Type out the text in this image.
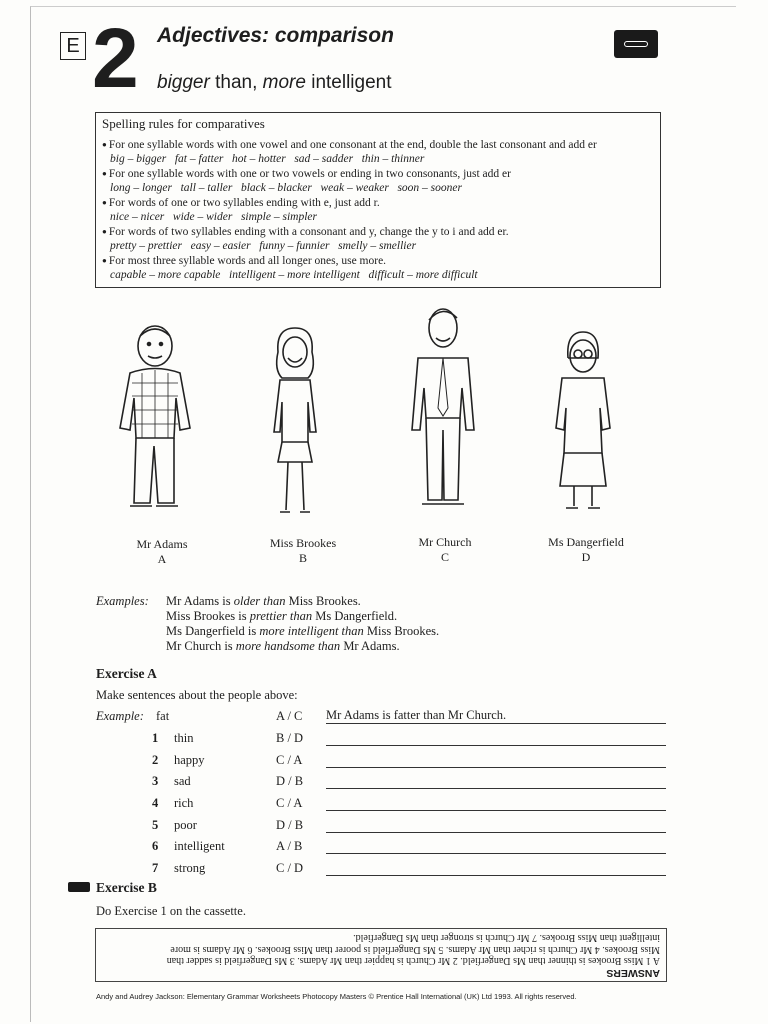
E 2 Adjectives: comparison
bigger than, more intelligent
Spelling rules for comparatives
● For one syllable words with one vowel and one consonant at the end, double the last consonant and add er
big – bigger   fat – fatter   hot – hotter   sad – sadder   thin – thinner
● For one syllable words with one or two vowels or ending in two consonants, just add er
long – longer   tall – taller   black – blacker   weak – weaker   soon – sooner
● For words of one or two syllables ending with e, just add r.
nice – nicer   wide – wider   simple – simpler
● For words of two syllables ending with a consonant and y, change the y to i and add er.
pretty – prettier   easy – easier   funny – funnier   smelly – smellier
● For most three syllable words and all longer ones, use more.
capable – more capable   intelligent – more intelligent   difficult – more difficult
Mr Adams
A
Miss Brookes
B
Mr Church
C
Ms Dangerfield
D
Examples: Mr Adams is older than Miss Brookes.
Miss Brookes is prettier than Ms Dangerfield.
Ms Dangerfield is more intelligent than Miss Brookes.
Mr Church is more handsome than Mr Adams.
Exercise A
Make sentences about the people above:
Example: fat	A / C Mr Adams is fatter than Mr Church.
1 thin	B / D
2 happy	C / A
3 sad	D / B
4 rich	C / A
5 poor	D / B
6 intelligent	A / B
7 strong	C / D
Exercise B
Do Exercise 1 on the cassette.
ANSWERS
A 1 Miss Brookes is thinner than Ms Dangerfield. 2 Mr Church is happier than Mr Adams. 3 Ms Dangerfield is sadder than
Miss Brookes. 4 Mr Church is richer than Mr Adams. 5 Ms Dangerfield is poorer than Miss Brookes. 6 Mr Adams is more
intelligent than Miss Brookes. 7 Mr Church is stronger than Ms Dangerfield.
Andy and Audrey Jackson: Elementary Grammar Worksheets Photocopy Masters © Prentice Hall International (UK) Ltd 1993. All rights reserved.
